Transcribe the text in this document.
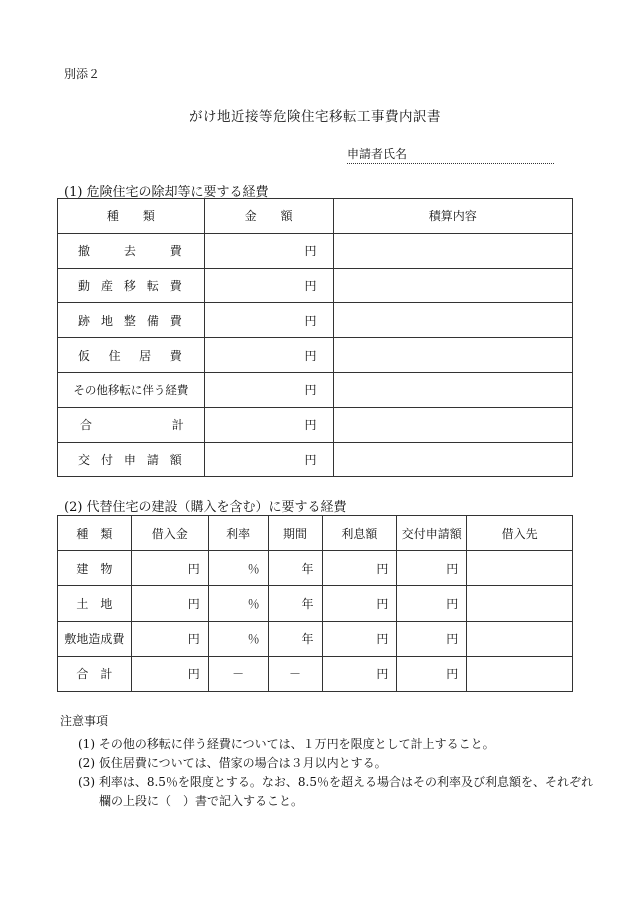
別添２
がけ地近接等危険住宅移転工事費内訳書
申請者氏名
(1) 危険住宅の除却等に要する経費
種　　類	金　　額	積算内容
撤去費	円	
動産移転費	円	
跡地整備費	円	
仮住居費	円	
その他移転に伴う経費	円	
合計	円	
交付申請額	円	
(2) 代替住宅の建設（購入を含む）に要する経費
種　類	借入金	利率	期間	利息額	交付申請額	借入先
建　物	円	％	年	円	円	
土　地	円	％	年	円	円	
敷地造成費	円	％	年	円	円	
合　計	円	－	－	円	円	
注意事項
(1) その他の移転に伴う経費については、１万円を限度として計上すること。
(2) 仮住居費については、借家の場合は３月以内とする。
(3) 利率は、8.5％を限度とする。なお、8.5％を超える場合はその利率及び利息額を、それぞれ
欄の上段に（　）書で記入すること。
